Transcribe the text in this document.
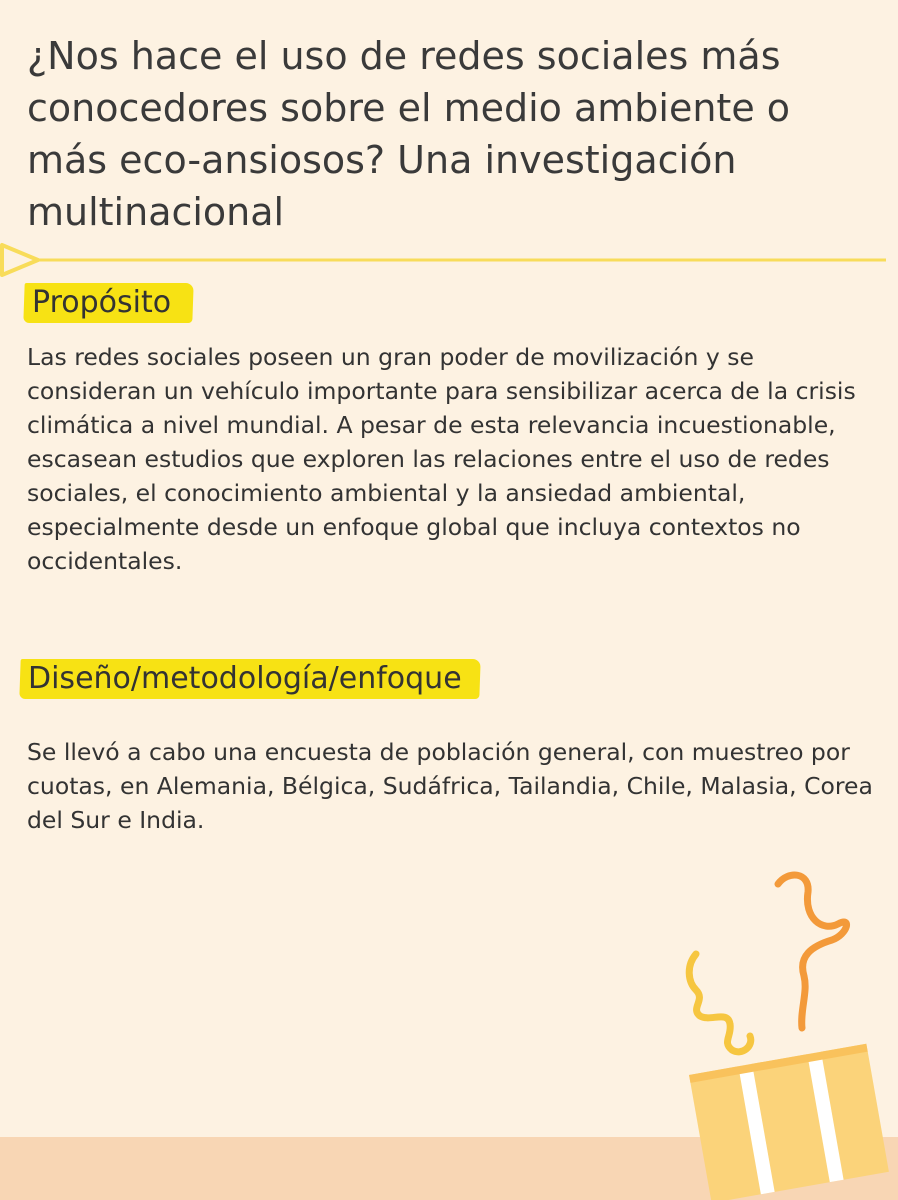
¿Nos hace el uso de redes sociales más
conocedores sobre el medio ambiente o
más eco-ansiosos? Una investigación
multinacional
Propósito

Las redes sociales poseen un gran poder de movilización y se consideran un vehículo importante para sensibilizar acerca de la crisis climática a nivel mundial. A pesar de esta relevancia incuestionable, escasean estudios que exploren las relaciones entre el uso de redes sociales, el conocimiento ambiental y la ansiedad ambiental, especialmente desde un enfoque global que incluya contextos no occidentales.

Diseño/metodología/enfoque

Se llevó a cabo una encuesta de población general, con muestreo por cuotas, en Alemania, Bélgica, Sudáfrica, Tailandia, Chile, Malasia, Corea del Sur e India.
